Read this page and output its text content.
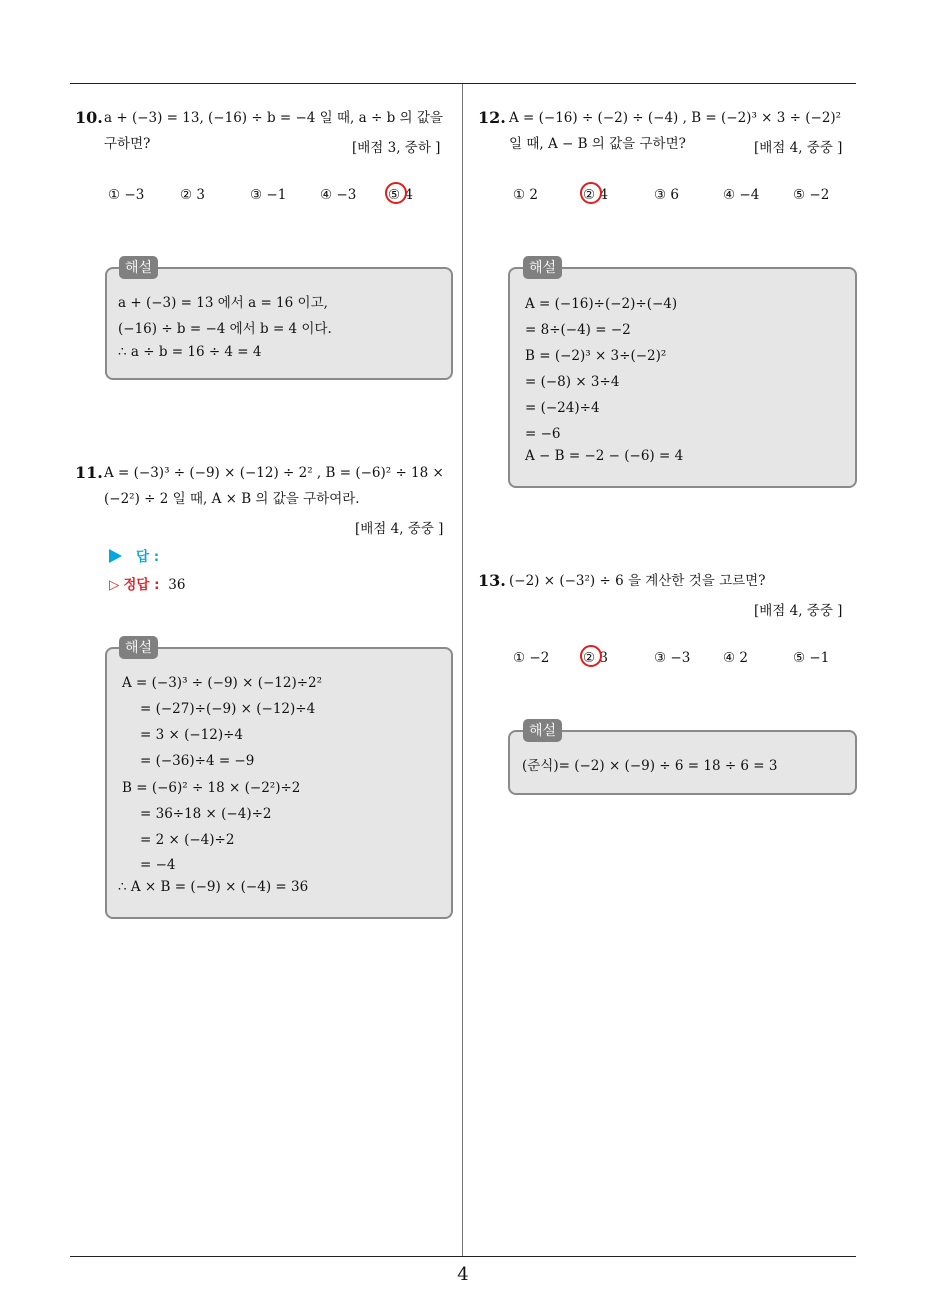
10. a + (−3) = 13, (−16) ÷ b = −4 일 때, a ÷ b 의 값을
구하면?	[배점 3, 중하 ]
① −3	② 3	③ −1 ④ −3 ⑤ 4
a + (−3) = 13 에서 a = 16 이고,
(−16) ÷ b = −4 에서 b = 4 이다.
∴ a ÷ b = 16 ÷ 4 = 4
해설
11. A = (−3)³ ÷ (−9) × (−12) ÷ 2² , B = (−6)² ÷ 18 ×
(−2²) ÷ 2 일 때, A × B 의 값을 구하여라.
[배점 4, 중중 ]
답 :
▷ 정답 : 36
A = (−3)³ ÷ (−9) × (−12)÷2²
= (−27)÷(−9) × (−12)÷4
= 3 × (−12)÷4
= (−36)÷4 = −9
B = (−6)² ÷ 18 × (−2²)÷2
= 36÷18 × (−4)÷2
= 2 × (−4)÷2
= −4
∴ A × B = (−9) × (−4) = 36
해설
12. A = (−16) ÷ (−2) ÷ (−4) , B = (−2)³ × 3 ÷ (−2)²
일 때, A − B 의 값을 구하면?	[배점 4, 중중 ]
① 2	② 4	③ 6	④ −4 ⑤ −2
A = (−16)÷(−2)÷(−4)
= 8÷(−4) = −2
B = (−2)³ × 3÷(−2)²
= (−8) × 3÷4
= (−24)÷4
= −6
A − B = −2 − (−6) = 4
해설
13. (−2) × (−3²) ÷ 6 을 계산한 것을 고르면?
[배점 4, 중중 ]
① −2 ② 3	③ −3 ④ 2	⑤ −1
(준식)= (−2) × (−9) ÷ 6 = 18 ÷ 6 = 3
해설
4
